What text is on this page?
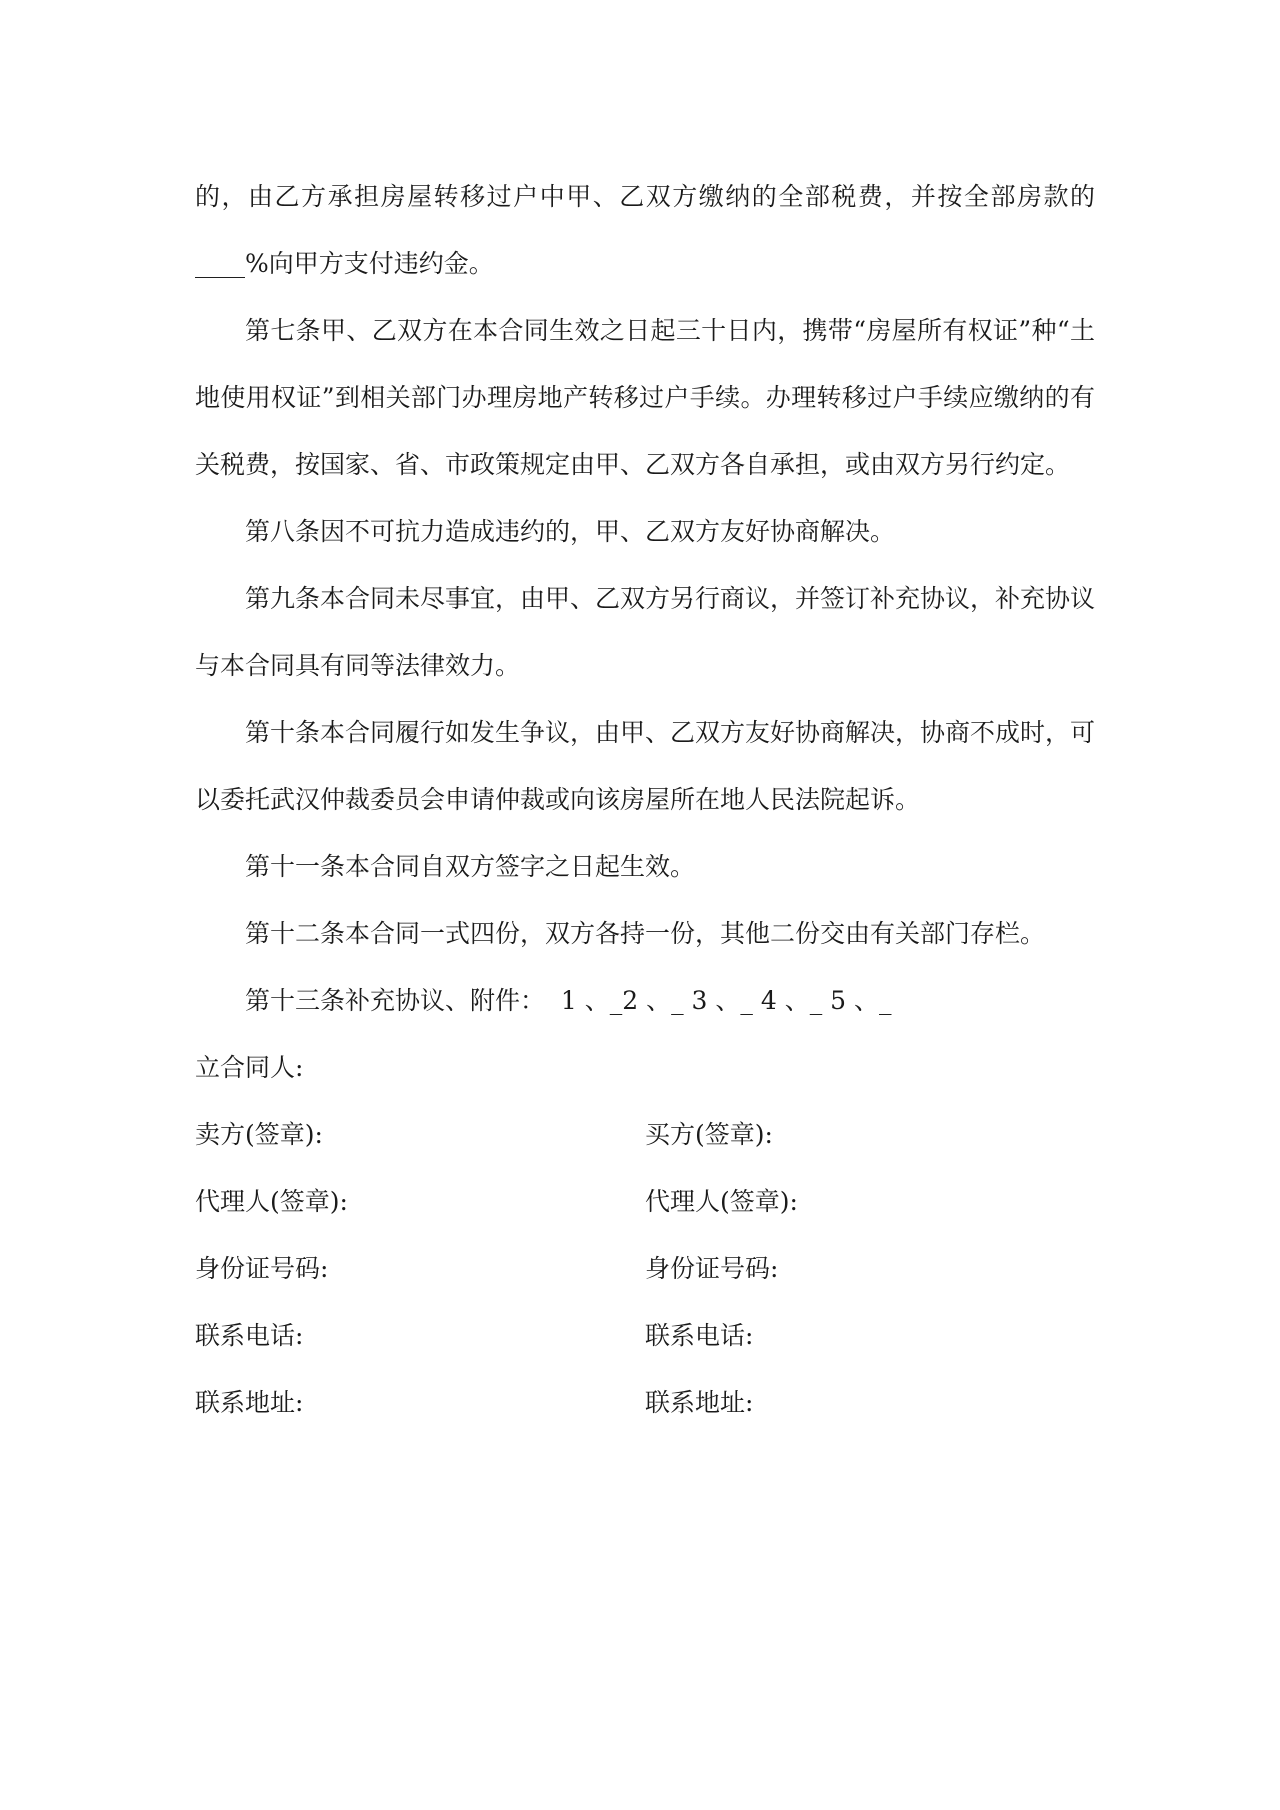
的，由乙方承担房屋转移过户中甲、乙双方缴纳的全部税费，并按全部房款的____%向甲方支付违约金。

第七条甲、乙双方在本合同生效之日起三十日内，携带“房屋所有权证”种“土地使用权证”到相关部门办理房地产转移过户手续。办理转移过户手续应缴纳的有关税费，按国家、省、市政策规定由甲、乙双方各自承担，或由双方另行约定。

第八条因不可抗力造成违约的，甲、乙双方友好协商解决。

第九条本合同未尽事宜，由甲、乙双方另行商议，并签订补充协议，补充协议与本合同具有同等法律效力。

第十条本合同履行如发生争议，由甲、乙双方友好协商解决，协商不成时，可以委托武汉仲裁委员会申请仲裁或向该房屋所在地人民法院起诉。

第十一条本合同自双方签字之日起生效。

第十二条本合同一式四份，双方各持一份，其他二份交由有关部门存栏。

第十三条补充协议、附件：  1 、_2 、_ 3 、_ 4 、_ 5 、_

立合同人:

卖方(签章):	买方(签章):
代理人(签章):	代理人(签章):
身份证号码:	身份证号码:
联系电话:	联系电话:
联系地址:	联系地址:
